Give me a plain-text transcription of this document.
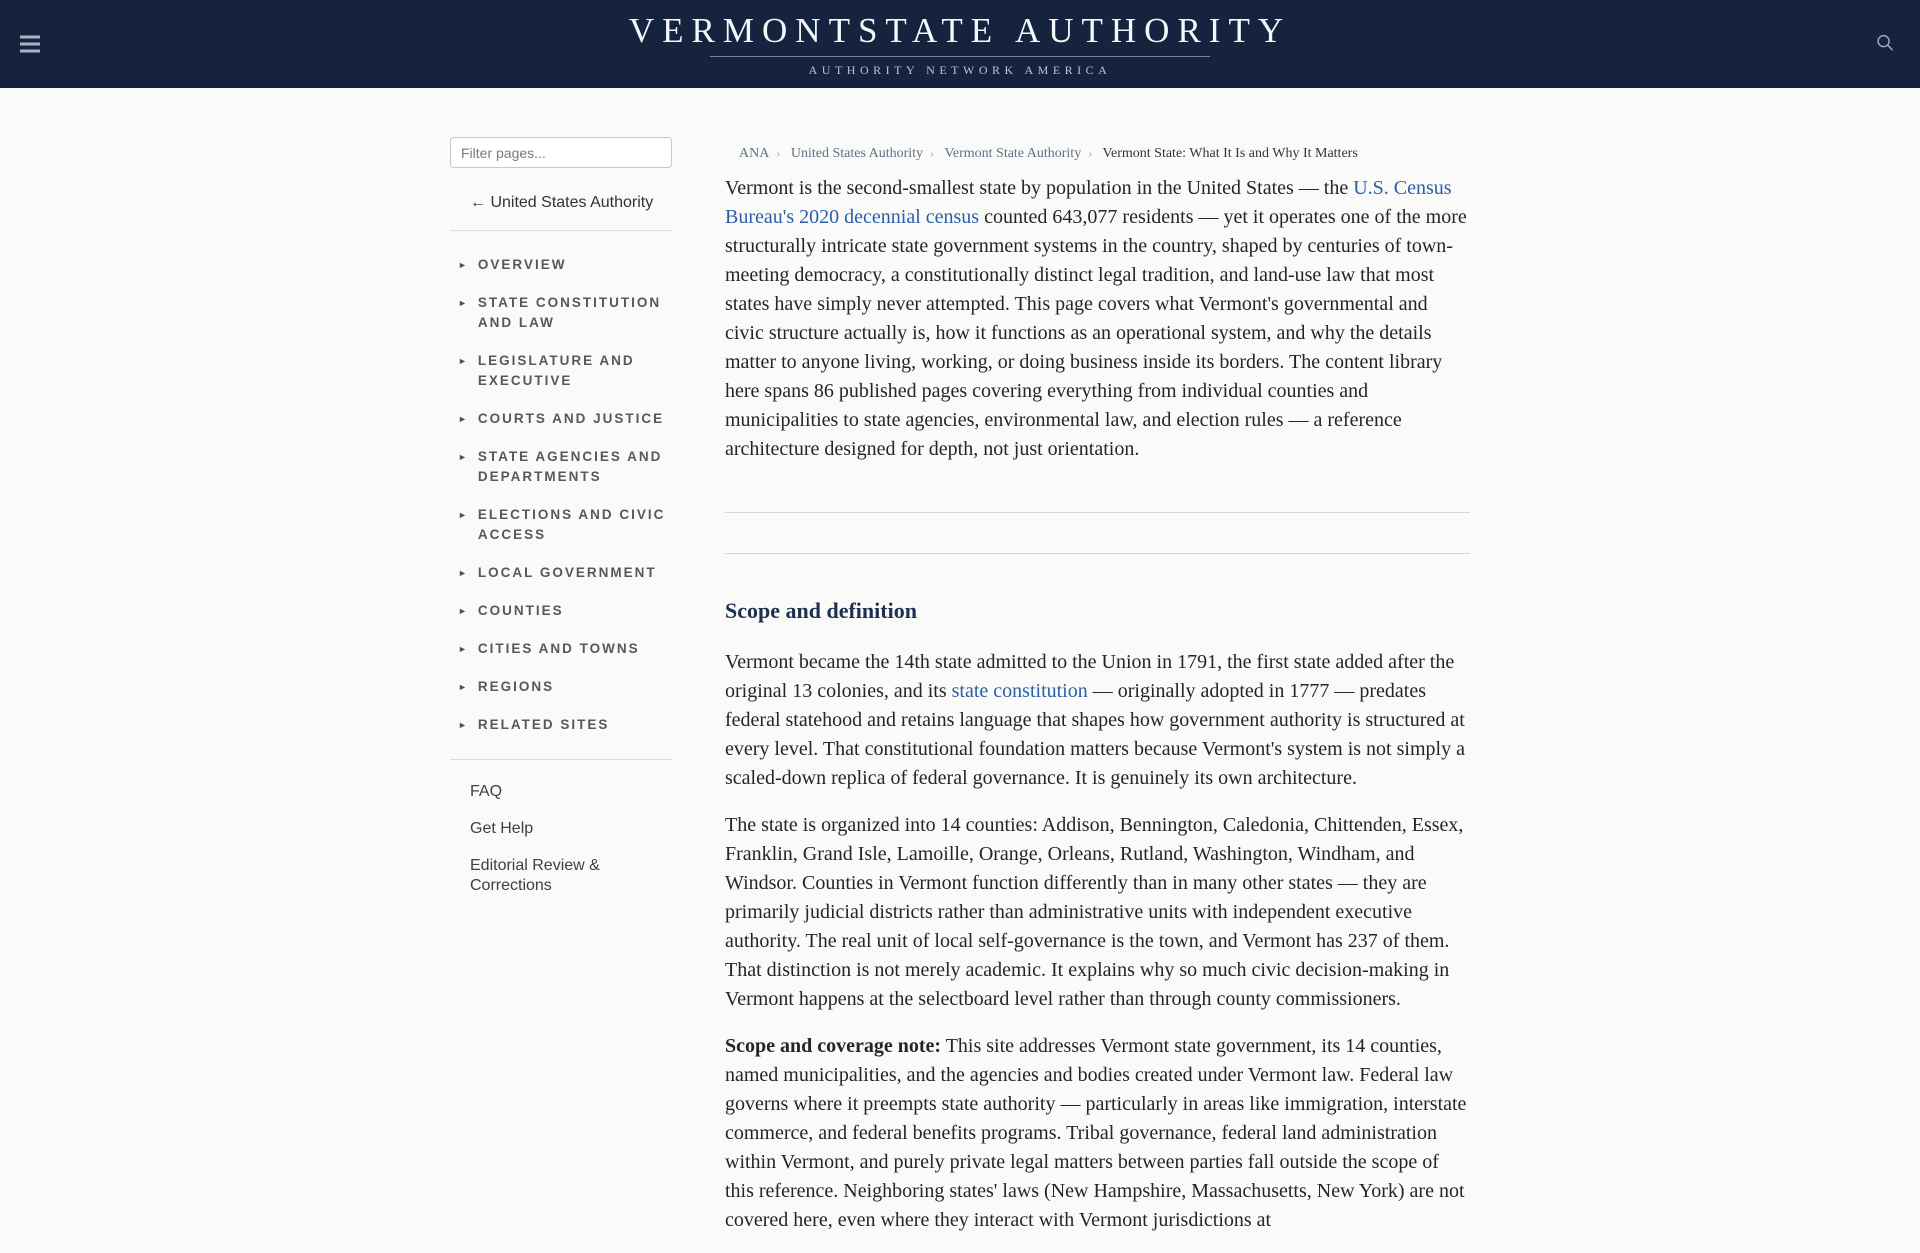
VERMONTSTATE AUTHORITY
AUTHORITY NETWORK AMERICA
Filter pages...
← United States Authority
► OVERVIEW
► STATE CONSTITUTION AND LAW
► LEGISLATURE AND EXECUTIVE
► COURTS AND JUSTICE
► STATE AGENCIES AND DEPARTMENTS
► ELECTIONS AND CIVIC ACCESS
► LOCAL GOVERNMENT
► COUNTIES
► CITIES AND TOWNS
► REGIONS
► RELATED SITES
FAQ
Get Help
Editorial Review & Corrections
ANA › United States Authority › Vermont State Authority › Vermont State: What It Is and Why It Matters

Vermont is the second-smallest state by population in the United States — the U.S. Census Bureau's 2020 decennial census counted 643,077 residents — yet it operates one of the more structurally intricate state government systems in the country, shaped by centuries of town-meeting democracy, a constitutionally distinct legal tradition, and land-use law that most states have simply never attempted. This page covers what Vermont's governmental and civic structure actually is, how it functions as an operational system, and why the details matter to anyone living, working, or doing business inside its borders. The content library here spans 86 published pages covering everything from individual counties and municipalities to state agencies, environmental law, and election rules — a reference architecture designed for depth, not just orientation.

Scope and definition

Vermont became the 14th state admitted to the Union in 1791, the first state added after the original 13 colonies, and its state constitution — originally adopted in 1777 — predates federal statehood and retains language that shapes how government authority is structured at every level. That constitutional foundation matters because Vermont's system is not simply a scaled-down replica of federal governance. It is genuinely its own architecture.

The state is organized into 14 counties: Addison, Bennington, Caledonia, Chittenden, Essex, Franklin, Grand Isle, Lamoille, Orange, Orleans, Rutland, Washington, Windham, and Windsor. Counties in Vermont function differently than in many other states — they are primarily judicial districts rather than administrative units with independent executive authority. The real unit of local self-governance is the town, and Vermont has 237 of them. That distinction is not merely academic. It explains why so much civic decision-making in Vermont happens at the selectboard level rather than through county commissioners.

Scope and coverage note: This site addresses Vermont state government, its 14 counties, named municipalities, and the agencies and bodies created under Vermont law. Federal law governs where it preempts state authority — particularly in areas like immigration, interstate commerce, and federal benefits programs. Tribal governance, federal land administration within Vermont, and purely private legal matters between parties fall outside the scope of this reference. Neighboring states' laws (New Hampshire, Massachusetts, New York) are not covered here, even where they interact with Vermont jurisdictions at
